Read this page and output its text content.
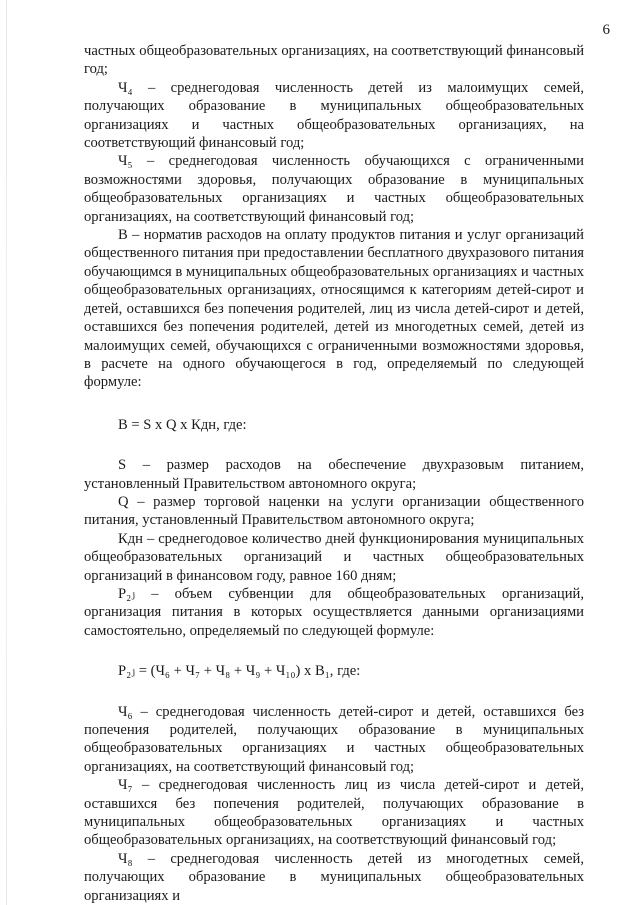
6

частных общеобразовательных организациях, на соответствующий финансовый год;

Ч₄ – среднегодовая численность детей из малоимущих семей, получающих образование в муниципальных общеобразовательных организациях и частных общеобразовательных организациях, на соответствующий финансовый год;

Ч₅ – среднегодовая численность обучающихся с ограниченными возможностями здоровья, получающих образование в муниципальных общеобразовательных организациях и частных общеобразовательных организациях, на соответствующий финансовый год;

В – норматив расходов на оплату продуктов питания и услуг организаций общественного питания при предоставлении бесплатного двухразового питания обучающимся в муниципальных общеобразовательных организациях и частных общеобразовательных организациях, относящимся к категориям детей-сирот и детей, оставшихся без попечения родителей, лиц из числа детей-сирот и детей, оставшихся без попечения родителей, детей из многодетных семей, детей из малоимущих семей, обучающихся с ограниченными возможностями здоровья, в расчете на одного обучающегося в год, определяемый по следующей формуле:

В = S х Q х Кдн, где:

S – размер расходов на обеспечение двухразовым питанием, установленный Правительством автономного округа;

Q – размер торговой наценки на услуги организации общественного питания, установленный Правительством автономного округа;

Кдн – среднегодовое количество дней функционирования муниципальных общеобразовательных организаций и частных общеобразовательных организаций в финансовом году, равное 160 дням;

Р₂ⱼ – объем субвенции для общеобразовательных организаций, организация питания в которых осуществляется данными организациями самостоятельно, определяемый по следующей формуле:

Р₂ⱼ = (Ч₆ + Ч₇ + Ч₈ + Ч₉ + Ч₁₀) х В₁, где:

Ч₆ – среднегодовая численность детей-сирот и детей, оставшихся без попечения родителей, получающих образование в муниципальных общеобразовательных организациях и частных общеобразовательных организациях, на соответствующий финансовый год;

Ч₇ – среднегодовая численность лиц из числа детей-сирот и детей, оставшихся без попечения родителей, получающих образование в муниципальных общеобразовательных организациях и частных общеобразовательных организациях, на соответствующий финансовый год;

Ч₈ – среднегодовая численность детей из многодетных семей, получающих образование в муниципальных общеобразовательных организациях и
